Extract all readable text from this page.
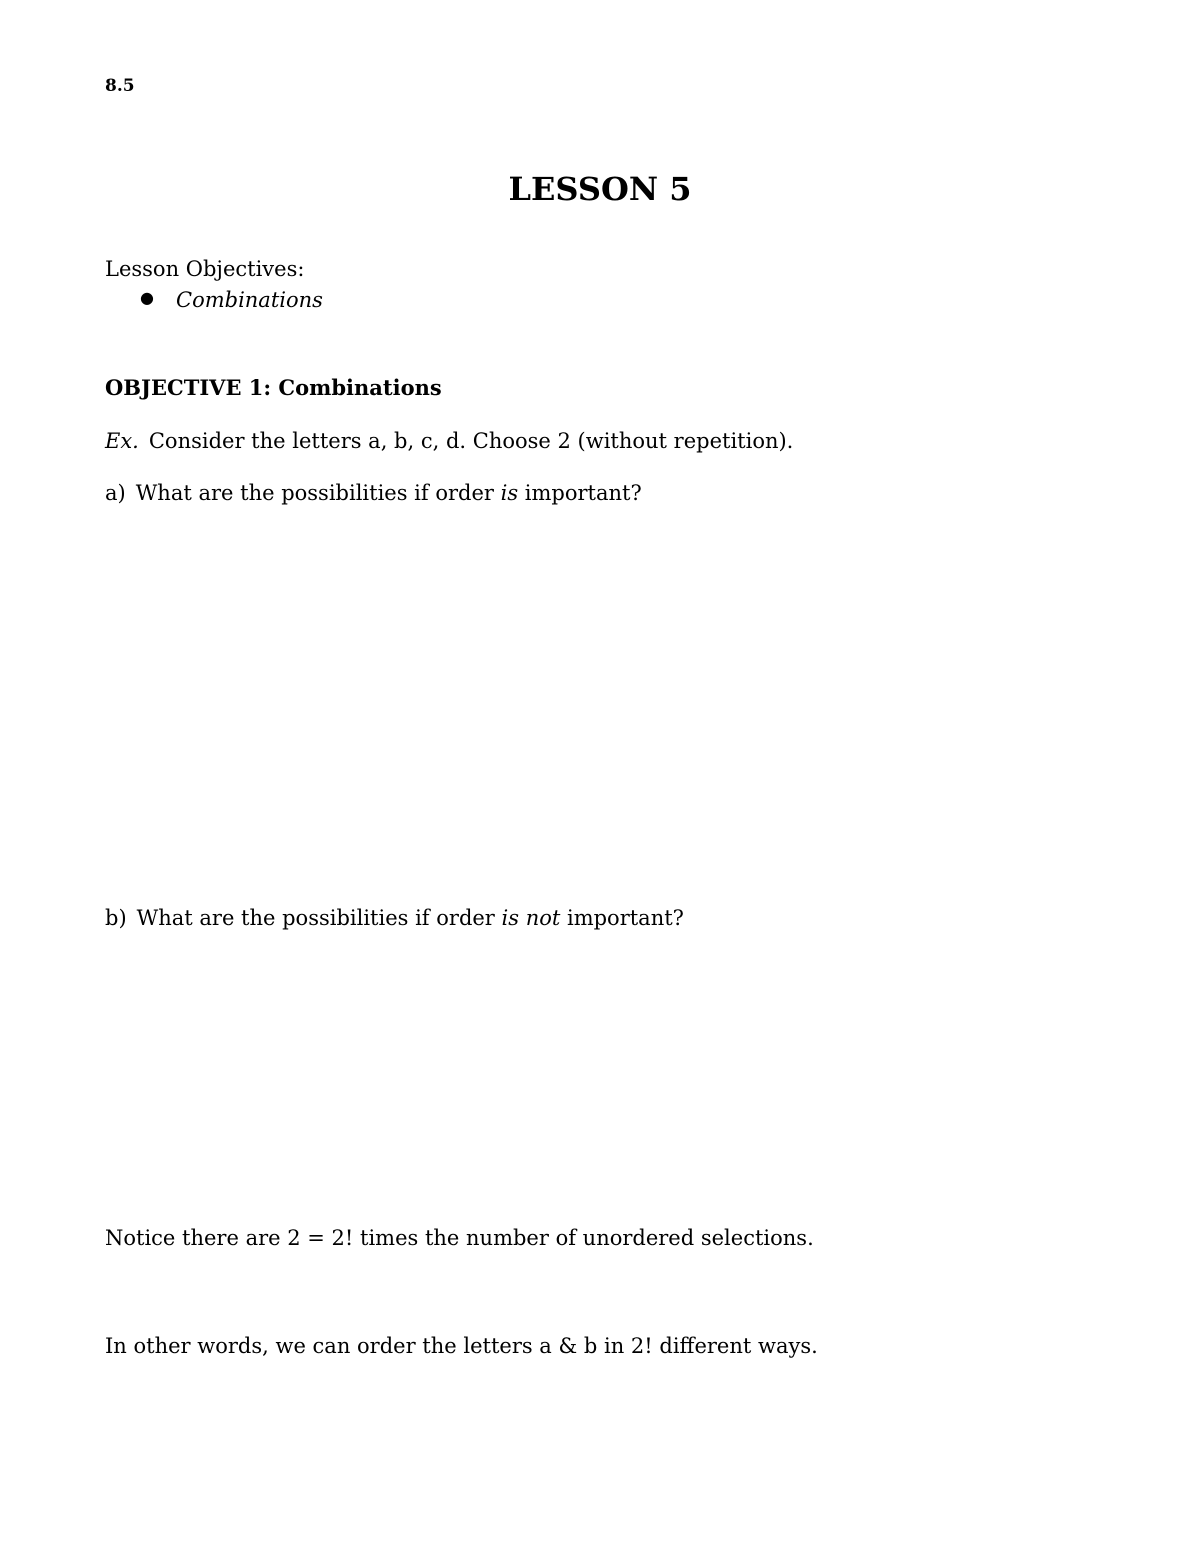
8.5
LESSON 5
Lesson Objectives:
● Combinations
OBJECTIVE 1: Combinations
Ex. Consider the letters a, b, c, d. Choose 2 (without repetition).
a) What are the possibilities if order is important?
b) What are the possibilities if order is not important?
Notice there are 2 = 2! times the number of unordered selections.
In other words, we can order the letters a & b in 2! different ways.
